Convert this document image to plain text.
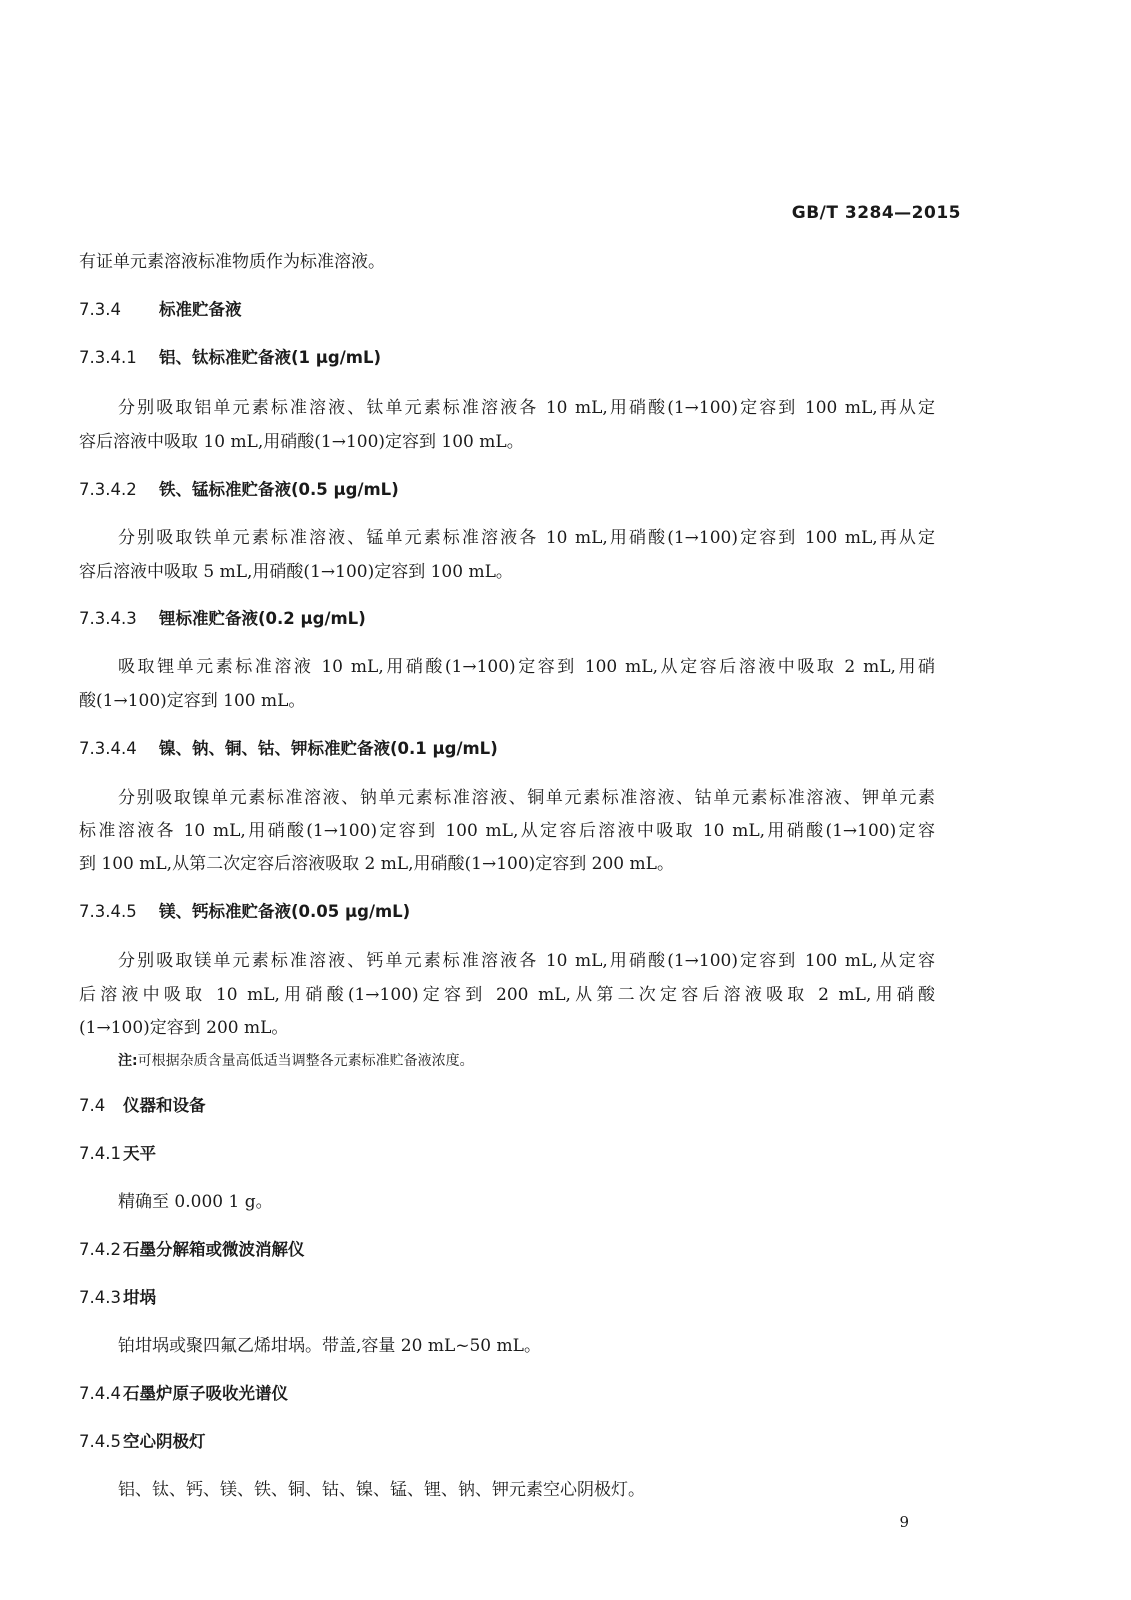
GB/T 3284—2015
有证单元素溶液标准物质作为标准溶液。
7.3.4 标准贮备液
7.3.4.1 铝、钛标准贮备液(1 μg/mL)
分别吸取铝单元素标准溶液、钛单元素标准溶液各 10 mL,用硝酸(1→100)定容到 100 mL,再从定
容后溶液中吸取 10 mL,用硝酸(1→100)定容到 100 mL。
7.3.4.2 铁、锰标准贮备液(0.5 μg/mL)
分别吸取铁单元素标准溶液、锰单元素标准溶液各 10 mL,用硝酸(1→100)定容到 100 mL,再从定
容后溶液中吸取 5 mL,用硝酸(1→100)定容到 100 mL。
7.3.4.3 锂标准贮备液(0.2 μg/mL)
吸取锂单元素标准溶液 10 mL,用硝酸(1→100)定容到 100 mL,从定容后溶液中吸取 2 mL,用硝
酸(1→100)定容到 100 mL。
7.3.4.4 镍、钠、铜、钴、钾标准贮备液(0.1 μg/mL)
分别吸取镍单元素标准溶液、钠单元素标准溶液、铜单元素标准溶液、钴单元素标准溶液、钾单元素
标准溶液各 10 mL,用硝酸(1→100)定容到 100 mL,从定容后溶液中吸取 10 mL,用硝酸(1→100)定容
到 100 mL,从第二次定容后溶液吸取 2 mL,用硝酸(1→100)定容到 200 mL。
7.3.4.5 镁、钙标准贮备液(0.05 μg/mL)
分别吸取镁单元素标准溶液、钙单元素标准溶液各 10 mL,用硝酸(1→100)定容到 100 mL,从定容
后溶液中吸取 10 mL,用硝酸(1→100)定容到 200 mL,从第二次定容后溶液吸取 2 mL,用硝酸
(1→100)定容到 200 mL。
注:可根据杂质含量高低适当调整各元素标准贮备液浓度。
7.4 仪器和设备
7.4.1 天平
精确至 0.000 1 g。
7.4.2 石墨分解箱或微波消解仪
7.4.3 坩埚
铂坩埚或聚四氟乙烯坩埚。带盖,容量 20 mL~50 mL。
7.4.4 石墨炉原子吸收光谱仪
7.4.5 空心阴极灯
铝、钛、钙、镁、铁、铜、钴、镍、锰、锂、钠、钾元素空心阴极灯。
9
